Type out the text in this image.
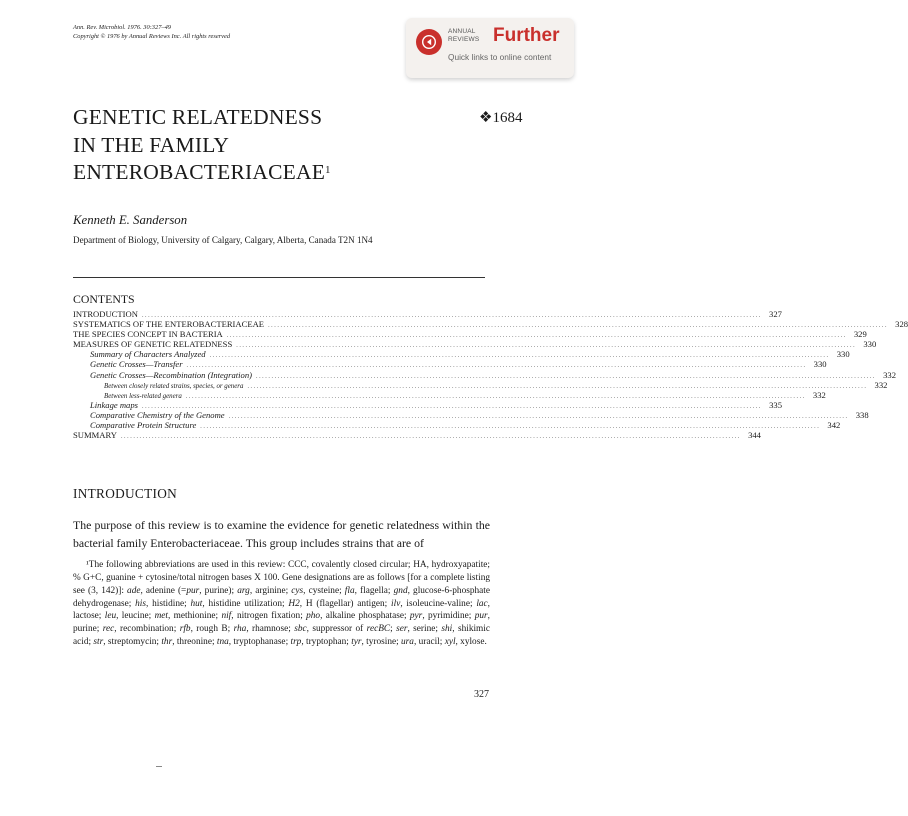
Ann. Rev. Microbiol. 1976. 30:327–49
Copyright © 1976 by Annual Reviews Inc. All rights reserved
ANNUAL
REVIEWS Further
Quick links to online content
❖1684
GENETIC RELATEDNESS
IN THE FAMILY
ENTEROBACTERIACEAE$^1$
Kenneth E. Sanderson
Department of Biology, University of Calgary, Calgary, Alberta, Canada T2N 1N4
CONTENTS
INTRODUCTION ........................................................................................................................................................................................................ 327
SYSTEMATICS OF THE ENTEROBACTERIACEAE ........................................................................................................................................................................................................ 328
THE SPECIES CONCEPT IN BACTERIA ........................................................................................................................................................................................................ 329
MEASURES OF GENETIC RELATEDNESS ........................................................................................................................................................................................................ 330
Summary of Characters Analyzed ........................................................................................................................................................................................................ 330
Genetic Crosses—Transfer ........................................................................................................................................................................................................ 330
Genetic Crosses—Recombination (Integration) ........................................................................................................................................................................................................ 332
Between closely related strains, species, or genera ........................................................................................................................................................................................................ 332
Between less-related genera ........................................................................................................................................................................................................ 332
Linkage maps ........................................................................................................................................................................................................ 335
Comparative Chemistry of the Genome ........................................................................................................................................................................................................ 338
Comparative Protein Structure ........................................................................................................................................................................................................ 342
SUMMARY ........................................................................................................................................................................................................ 344
INTRODUCTION
The purpose of this review is to examine the evidence for genetic relatedness within the bacterial family Enterobacteriaceae. This group includes strains that are of
¹The following abbreviations are used in this review: CCC, covalently closed circular; HA, hydroxyapatite; % G+C, guanine + cytosine/total nitrogen bases X 100. Gene designations are as follows [for a complete listing see (3, 142)]: ade, adenine (=pur, purine); arg, arginine; cys, cysteine; fla, flagella; gnd, glucose-6-phosphate dehydrogenase; his, histidine; hut, histidine utilization; H2, H (flagellar) antigen; ilv, isoleucine-valine; lac, lactose; leu, leucine; met, methionine; nif, nitrogen fixation; pho, alkaline phosphatase; pyr, pyrimidine; pur, purine; rec, recombination; rfb, rough B; rha, rhamnose; sbc, suppressor of recBC; ser, serine; shi, shikimic acid; str, streptomycin; thr, threonine; tna, tryptophanase; trp, tryptophan; tyr, tyrosine; ura, uracil; xyl, xylose.
327
